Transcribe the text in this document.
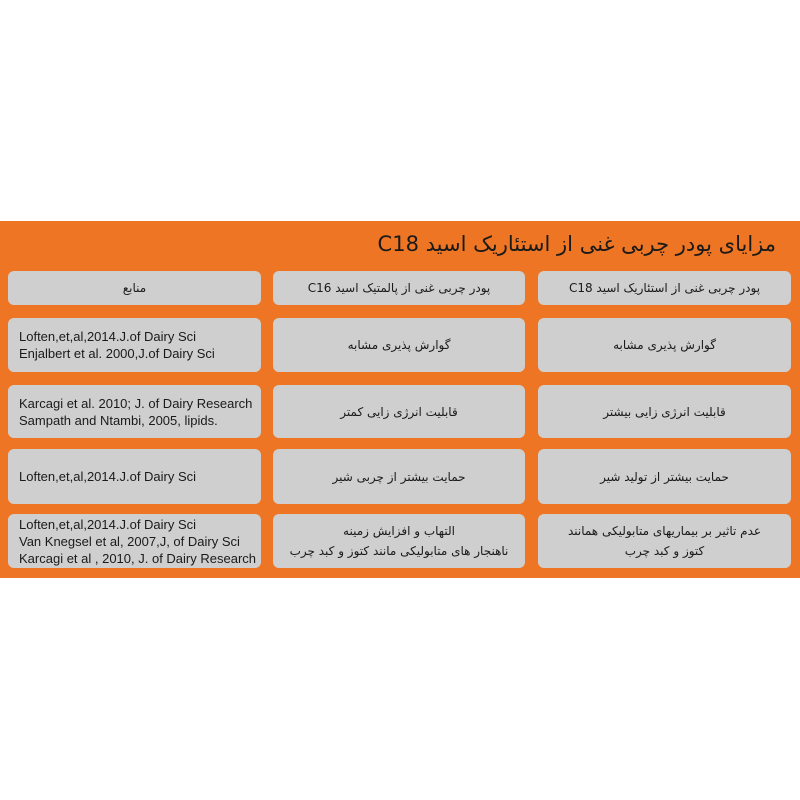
مزایای پودر چربی غنی از استئاریک اسید C18
پودر چربی غنی از استئاریک اسید C18
پودر چربی غنی از پالمتیک اسید C16
منابع
گوارش پذیری مشابه
گوارش پذیری مشابه
Loften,et,al,2014.J.of Dairy Sci
Enjalbert et al. 2000,J.of Dairy Sci
قابلیت انرژی زایی بیشتر
قابلیت انرژی زایی کمتر
Karcagi et al. 2010; J. of Dairy Research
Sampath and Ntambi, 2005, lipids.
حمایت بیشتر از تولید شیر
حمایت بیشتر از چربی شیر
Loften,et,al,2014.J.of Dairy Sci
عدم تاثیر بر بیماریهای متابولیکی همانند
کتوز و کبد چرب
التهاب و افزایش زمینه
ناهنجار های متابولیکی مانند کتوز و کبد چرب
Loften,et,al,2014.J.of Dairy Sci
Van Knegsel et al, 2007,J, of Dairy Sci
Karcagi et al , 2010, J. of Dairy Research
